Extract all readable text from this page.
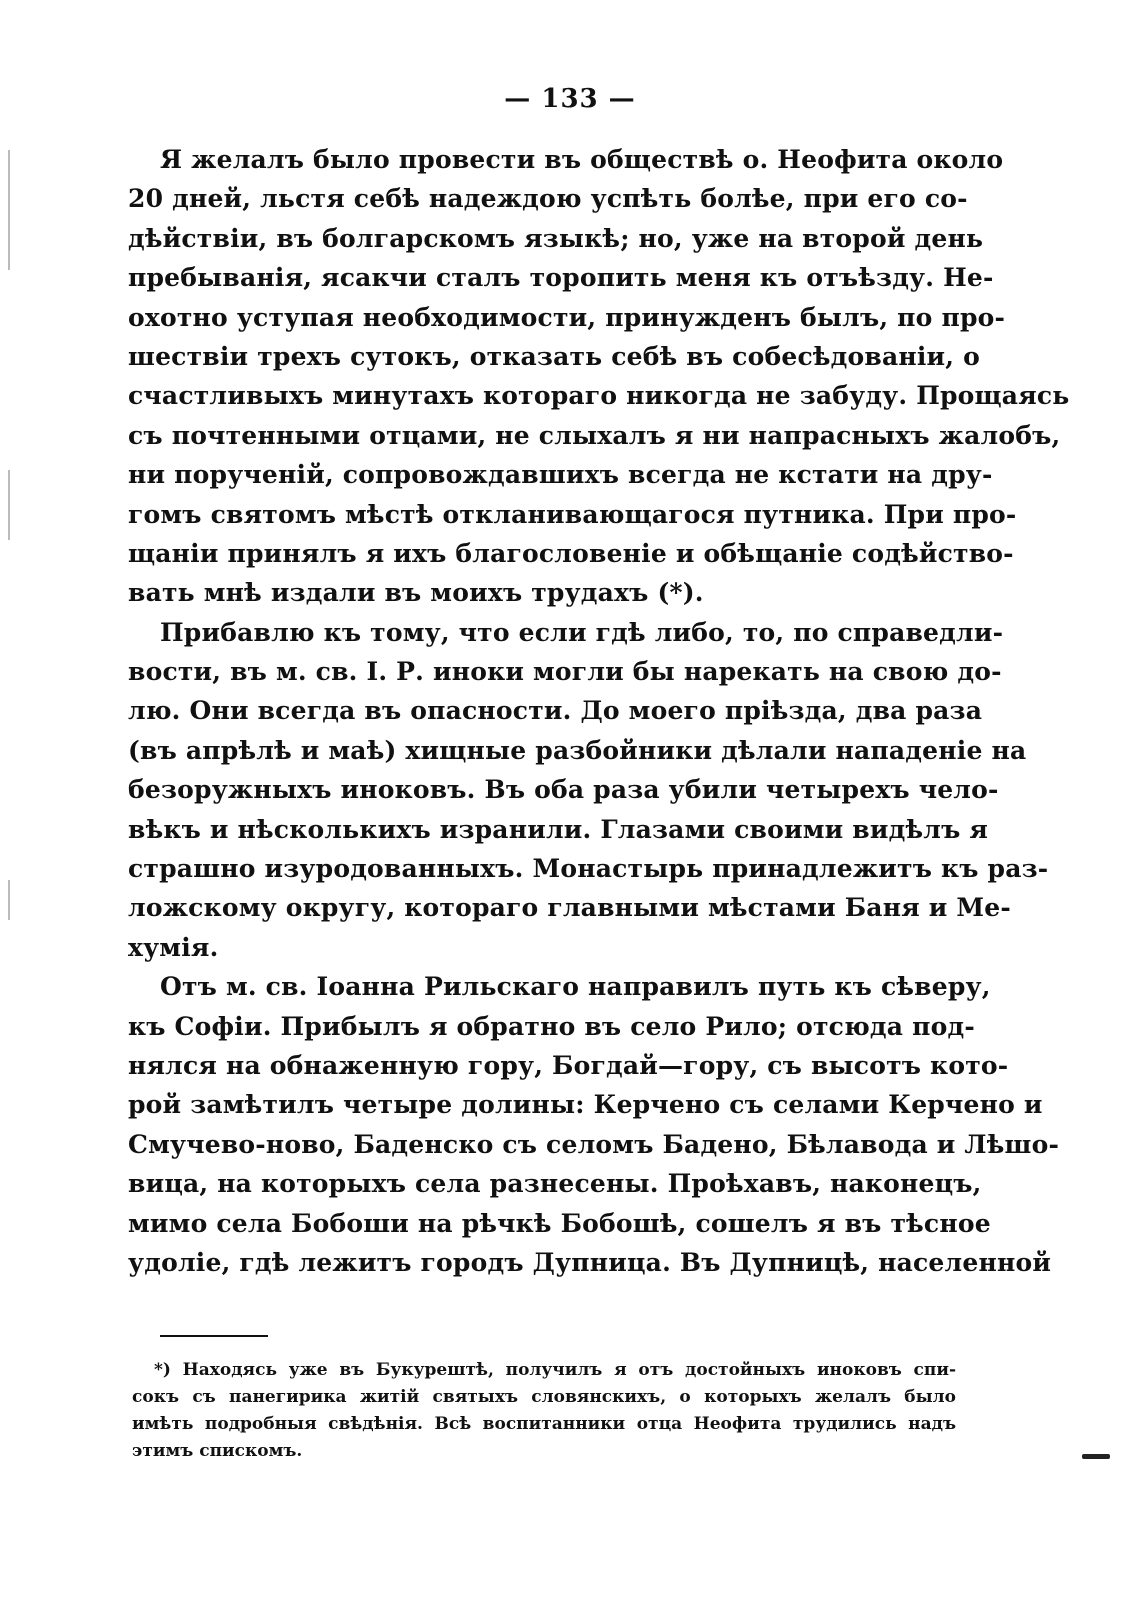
— 133 —
Я желалъ было провести въ обществѣ о. Неофита около
20 дней, льстя себѣ надеждою успѣть болѣе, при его со-
дѣйствіи, въ болгарскомъ языкѣ; но, уже на второй день
пребыванія, ясакчи сталъ торопить меня къ отъѣзду. Не-
охотно уступая необходимости, принужденъ былъ, по про-
шествіи трехъ сутокъ, отказать себѣ въ собесѣдованіи, о
счастливыхъ минутахъ котораго никогда не забуду. Прощаясь
съ почтенными отцами, не слыхалъ я ни напрасныхъ жалобъ,
ни порученій, сопровождавшихъ всегда не кстати на дру-
гомъ святомъ мѣстѣ откланивающагося путника. При про-
щаніи принялъ я ихъ благословеніе и обѣщаніе содѣйство-
вать мнѣ издали въ моихъ трудахъ (*).
Прибавлю къ тому, что если гдѣ либо, то, по справедли-
вости, въ м. св. І. Р. иноки могли бы нарекать на свою до-
лю. Они всегда въ опасности. До моего пріѣзда, два раза
(въ апрѣлѣ и маѣ) хищные разбойники дѣлали нападеніе на
безоружныхъ иноковъ. Въ оба раза убили четырехъ чело-
вѣкъ и нѣсколькихъ изранили. Глазами своими видѣлъ я
страшно изуродованныхъ. Монастырь принадлежитъ къ раз-
ложскому округу, котораго главными мѣстами Баня и Ме-
хумія.
Отъ м. св. Іоанна Рильскаго направилъ путь къ сѣверу,
къ Софіи. Прибылъ я обратно въ село Рило; отсюда под-
нялся на обнаженную гору, Богдай—гору, съ высотъ кото-
рой замѣтилъ четыре долины: Керчено съ селами Керчено и
Смучево-ново, Баденско съ селомъ Бадено, Бѣлавода и Лѣшо-
вица, на которыхъ села разнесены. Проѣхавъ, наконецъ,
мимо села Бобоши на рѣчкѣ Бобошѣ, сошелъ я въ тѣсное
удоліе, гдѣ лежитъ городъ Дупница. Въ Дупницѣ, населенной
*) Находясь уже въ Букурештѣ, получилъ я отъ достойныхъ иноковъ спи-
сокъ съ панегирика житій святыхъ словянскихъ, о которыхъ желалъ было
имѣть подробныя свѣдѣнія. Всѣ воспитанники отца Неофита трудились надъ
этимъ спискомъ.
